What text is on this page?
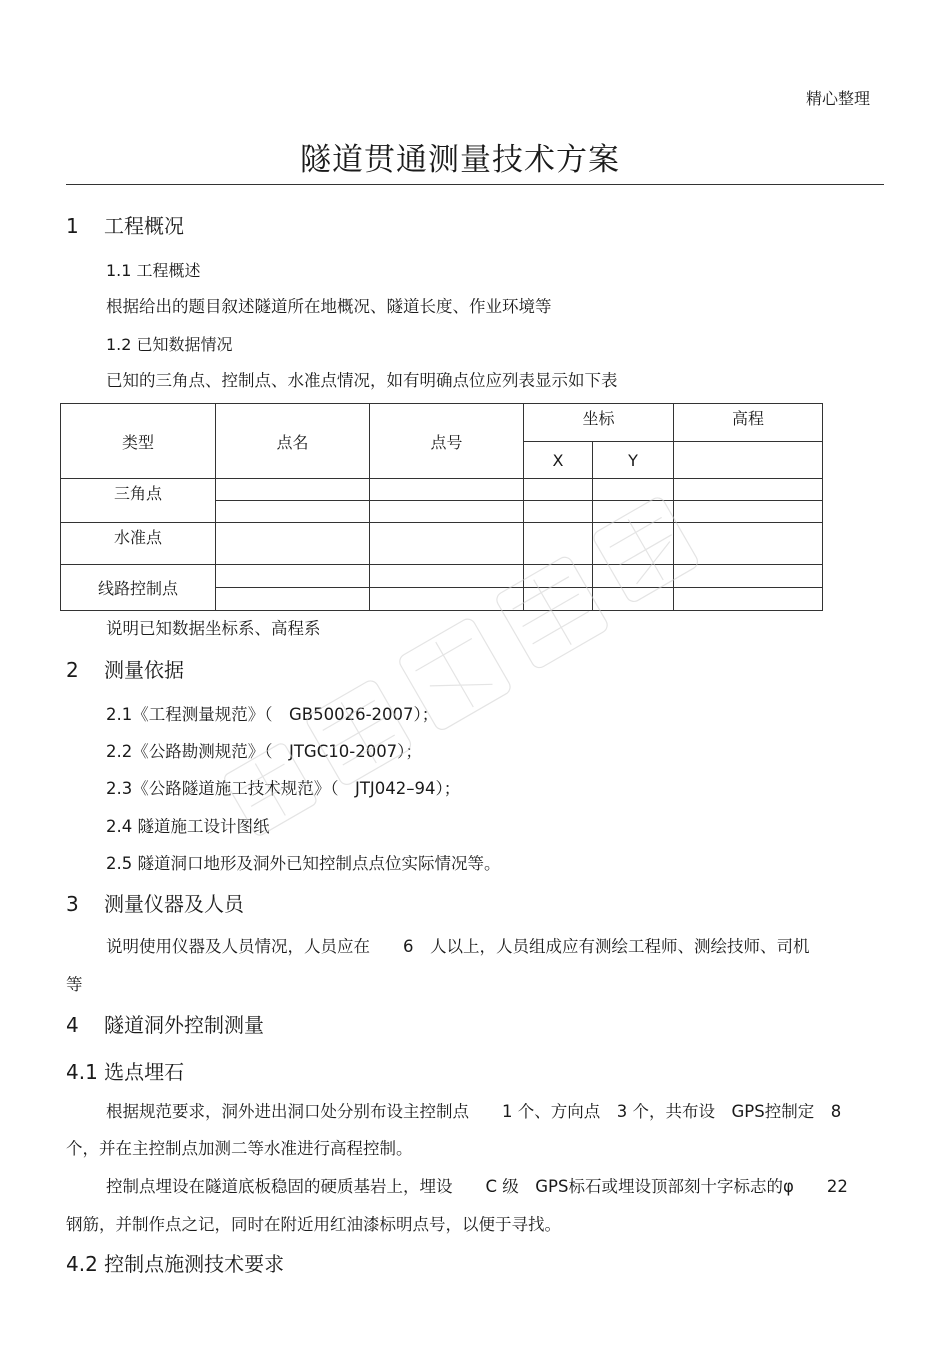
精心整理
隧道贯通测量技术方案
1 工程概况
1.1 工程概述
根据给出的题目叙述隧道所在地概况、隧道长度、作业环境等
1.2 已知数据情况
已知的三角点、控制点、水准点情况，如有明确点位应列表显示如下表
类型	点名	点号	坐标		高程
			X	Y	
三角点					

水准点					
线路控制点					

说明已知数据坐标系、高程系
2 测量依据
2.1《工程测量规范》（　GB50026-2007）；
2.2《公路勘测规范》（　JTGC10-2007）；
2.3《公路隧道施工技术规范》（　JTJ042–94）；
2.4 隧道施工设计图纸
2.5 隧道洞口地形及洞外已知控制点点位实际情况等。
3 测量仪器及人员
说明使用仪器及人员情况，人员应在　　6　人以上，人员组成应有测绘工程师、测绘技师、司机
等
4 隧道洞外控制测量
4.1 选点埋石
根据规范要求，洞外进出洞口处分别布设主控制点　　1 个、方向点　3 个，共布设　GPS控制定　8
个，并在主控制点加测二等水准进行高程控制。
控制点埋设在隧道底板稳固的硬质基岩上，埋设　　C 级　GPS标石或埋设顶部刻十字标志的φ　　22
钢筋，并制作点之记，同时在附近用红油漆标明点号，以便于寻找。
4.2 控制点施测技术要求
